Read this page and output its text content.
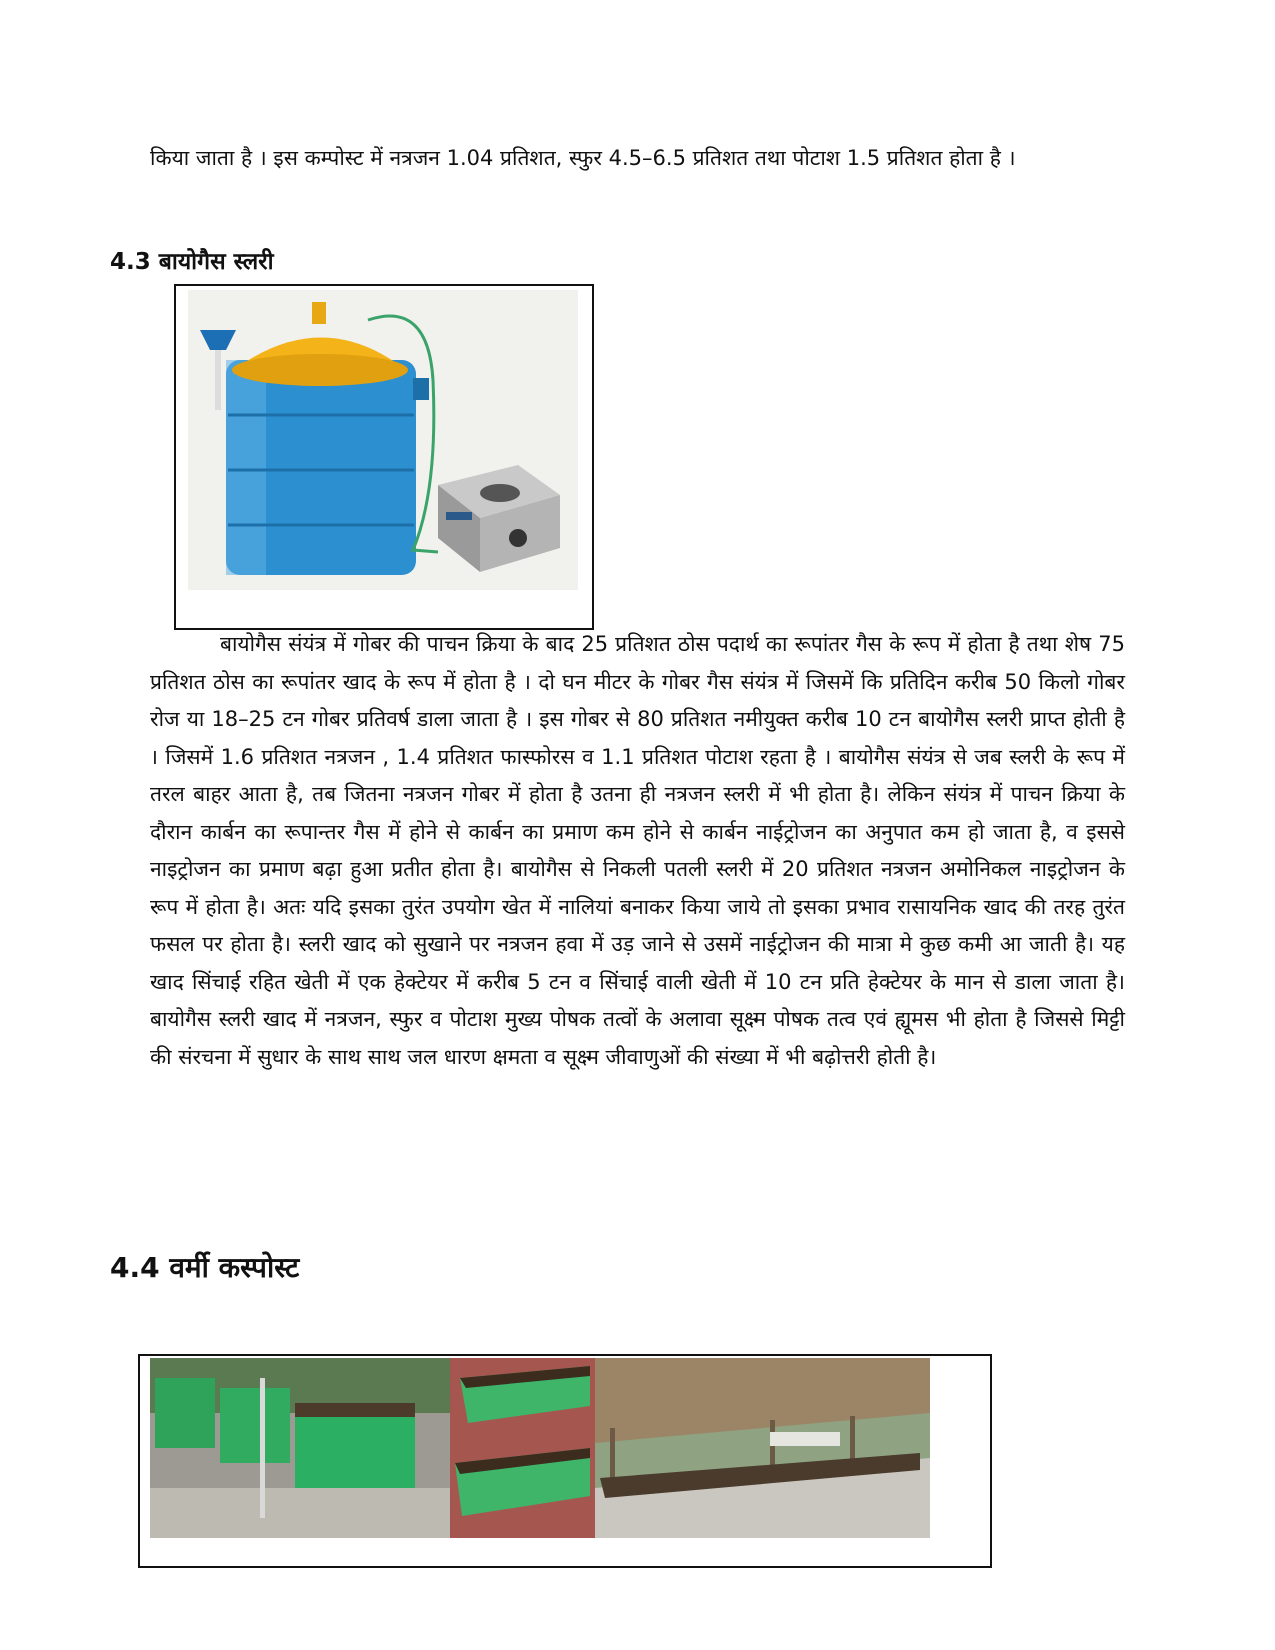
किया जाता है । इस कम्पोस्ट में नत्रजन 1.04 प्रतिशत, स्फुर 4.5–6.5 प्रतिशत तथा पोटाश 1.5 प्रतिशत होता है ।

4.3 बायोगैस स्लरी

बायोगैस संयंत्र में गोबर की पाचन क्रिया के बाद 25 प्रतिशत ठोस पदार्थ का रूपांतर गैस के रूप में होता है तथा शेष 75 प्रतिशत ठोस का रूपांतर खाद के रूप में होता है । दो घन मीटर के गोबर गैस संयंत्र में जिसमें कि प्रतिदिन करीब 50 किलो गोबर रोज या 18–25 टन गोबर प्रतिवर्ष डाला जाता है । इस गोबर से 80 प्रतिशत नमीयुक्त करीब 10 टन बायोगैस स्लरी प्राप्त होती है । जिसमें 1.6 प्रतिशत नत्रजन , 1.4 प्रतिशत फास्फोरस व 1.1 प्रतिशत पोटाश रहता है । बायोगैस संयंत्र से जब स्लरी के रूप में तरल बाहर आता है, तब जितना नत्रजन गोबर में होता है उतना ही नत्रजन स्लरी में भी होता है। लेकिन संयंत्र में पाचन क्रिया के दौरान कार्बन का रूपान्तर गैस में होने से कार्बन का प्रमाण कम होने से कार्बन नाईट्रोजन का अनुपात कम हो जाता है, व इससे नाइट्रोजन का प्रमाण बढ़ा हुआ प्रतीत होता है। बायोगैस से निकली पतली स्लरी में 20 प्रतिशत नत्रजन अमोनिकल नाइट्रोजन के रूप में होता है। अतः यदि इसका तुरंत उपयोग खेत में नालियां बनाकर किया जाये तो इसका प्रभाव रासायनिक खाद की तरह तुरंत फसल पर होता है। स्लरी खाद को सुखाने पर नत्रजन हवा में उड़ जाने से उसमें नाईट्रोजन की मात्रा मे कुछ कमी आ जाती है। यह खाद सिंचाई रहित खेती में एक हेक्टेयर में करीब 5 टन व सिंचाई वाली खेती में 10 टन प्रति हेक्टेयर के मान से डाला जाता है। बायोगैस स्लरी खाद में नत्रजन, स्फुर व पोटाश मुख्य पोषक तत्वों के अलावा सूक्ष्म पोषक तत्व एवं ह्यूमस भी होता है जिससे मिट्टी की संरचना में सुधार के साथ साथ जल धारण क्षमता व सूक्ष्म जीवाणुओं की संख्या में भी बढ़ोत्तरी होती है।

4.4 वर्मी कस्पोस्ट
